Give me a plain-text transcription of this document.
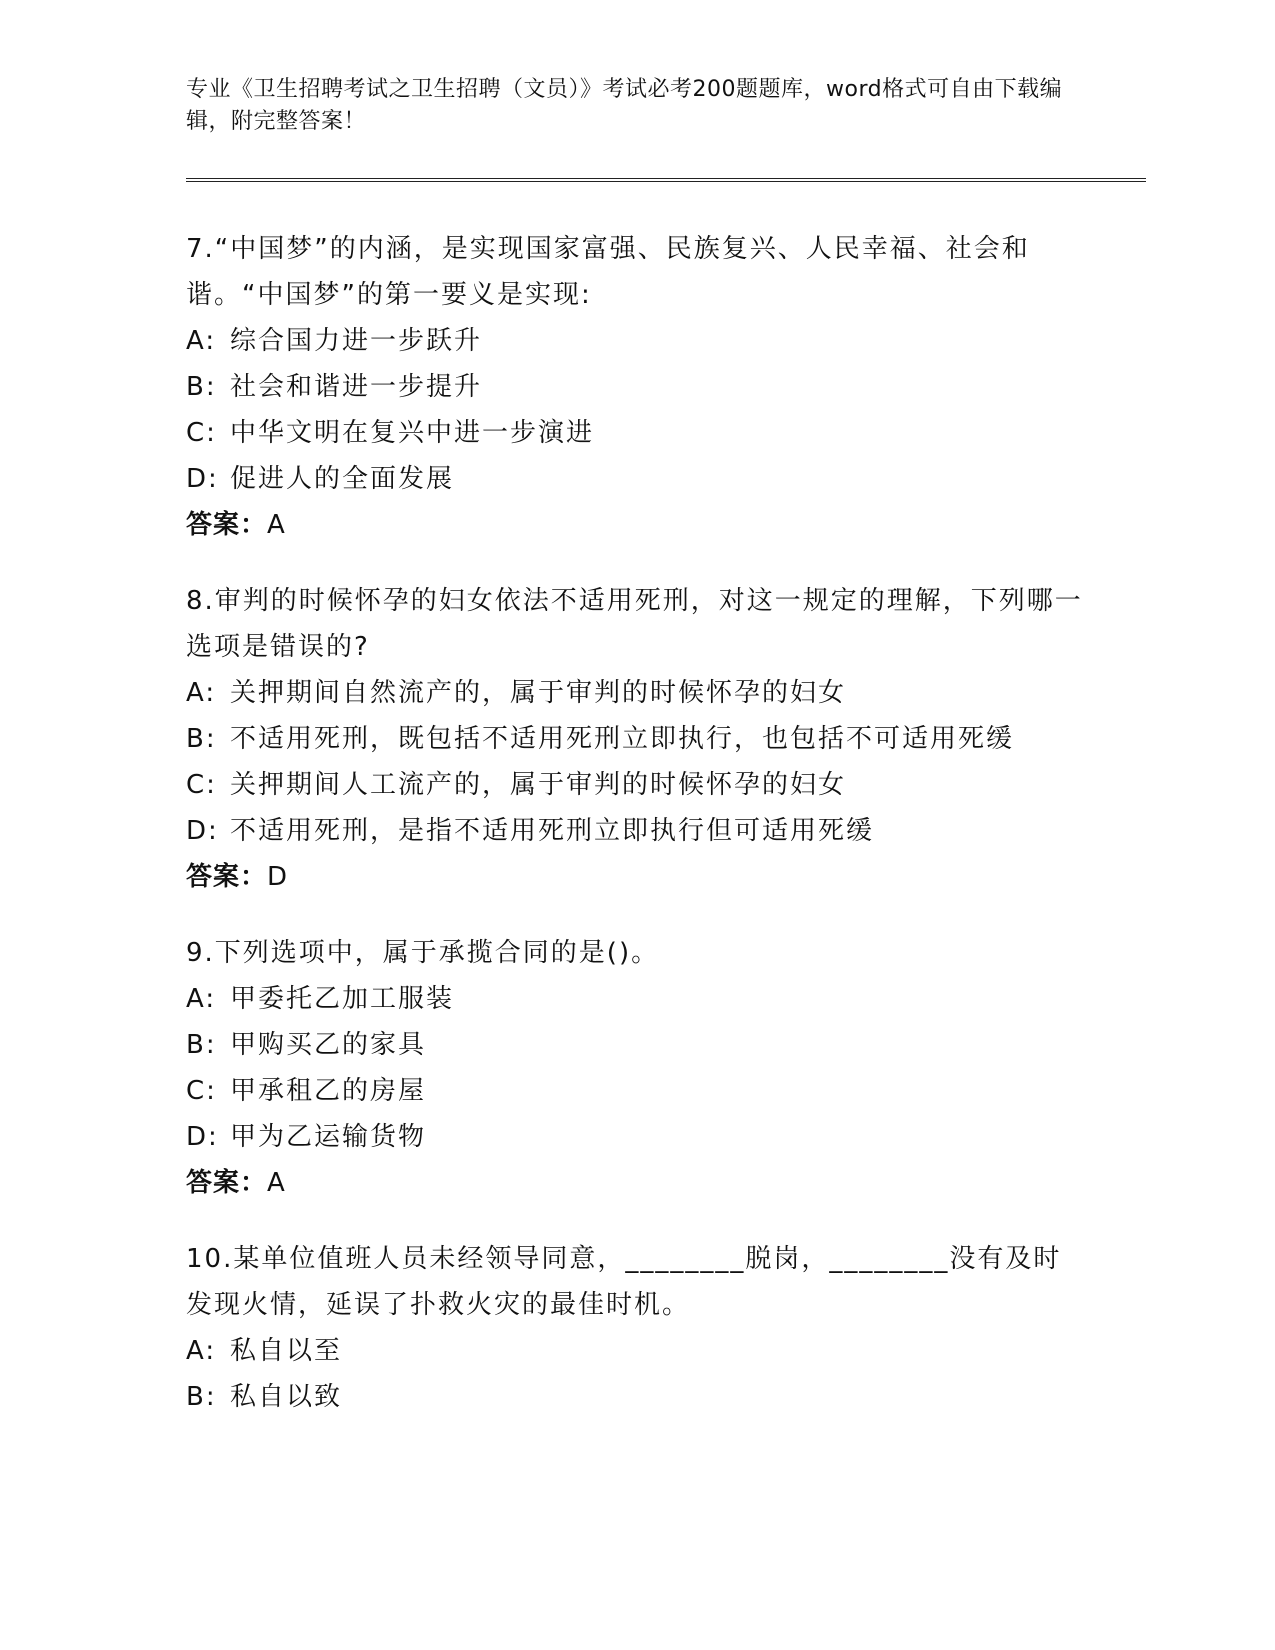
专业《卫生招聘考试之卫生招聘（文员）》考试必考200题题库，word格式可自由下载编辑，附完整答案！
7.“中国梦”的内涵，是实现国家富强、民族复兴、人民幸福、社会和谐。“中国梦”的第一要义是实现:
A: 综合国力进一步跃升
B: 社会和谐进一步提升
C: 中华文明在复兴中进一步演进
D: 促进人的全面发展
答案：A
8.审判的时候怀孕的妇女依法不适用死刑，对这一规定的理解，下列哪一选项是错误的?
A: 关押期间自然流产的，属于审判的时候怀孕的妇女
B: 不适用死刑，既包括不适用死刑立即执行，也包括不可适用死缓
C: 关押期间人工流产的，属于审判的时候怀孕的妇女
D: 不适用死刑，是指不适用死刑立即执行但可适用死缓
答案：D
9.下列选项中，属于承揽合同的是()。
A: 甲委托乙加工服装
B: 甲购买乙的家具
C: 甲承租乙的房屋
D: 甲为乙运输货物
答案：A
10.某单位值班人员未经领导同意，________脱岗，________没有及时发现火情，延误了扑救火灾的最佳时机。
A: 私自以至
B: 私自以致
